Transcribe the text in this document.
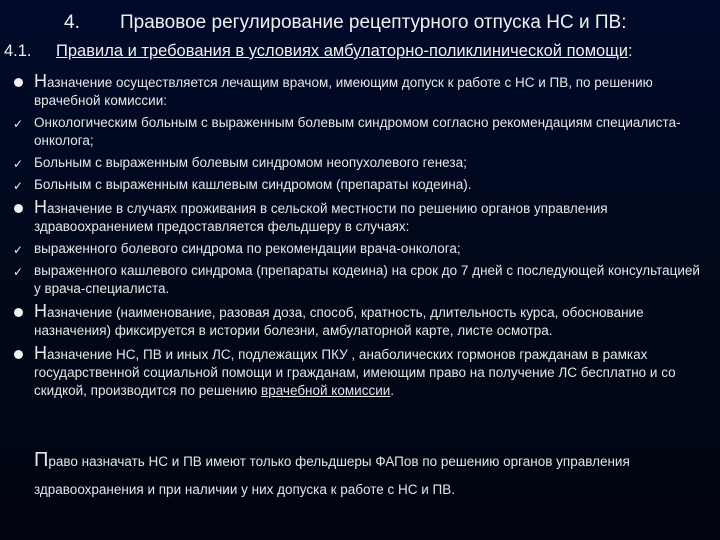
4. Правовое регулирование рецептурного отпуска НС и ПВ:
4.1. Правила и требования в условиях амбулаторно-поликлинической помощи:
Назначение осуществляется лечащим врачом, имеющим допуск к работе с НС и ПВ, по решению врачебной комиссии:
✓ Онкологическим больным с выраженным болевым синдромом согласно рекомендациям специалиста-онколога;
✓ Больным с выраженным болевым синдромом неопухолевого генеза;
✓ Больным с выраженным кашлевым синдромом (препараты кодеина).
Назначение в случаях проживания в сельской местности по решению органов управления здравоохранением предоставляется фельдшеру в случаях:
✓ выраженного болевого синдрома по рекомендации врача-онколога;
✓ выраженного кашлевого синдрома (препараты кодеина) на срок до 7 дней с последующей консультацией у врача-специалиста.
Назначение (наименование, разовая доза, способ, кратность, длительность курса, обоснование назначения) фиксируется в истории болезни, амбулаторной карте, листе осмотра.
Назначение НС, ПВ и иных ЛС, подлежащих ПКУ , анаболических гормонов гражданам в рамках государственной социальной помощи и гражданам, имеющим право на получение ЛС бесплатно и со скидкой, производится по решению врачебной комиссии.
Право назначать НС и ПВ имеют только фельдшеры ФАПов по решению органов управления здравоохранения и при наличии у них допуска к работе с НС и ПВ.
